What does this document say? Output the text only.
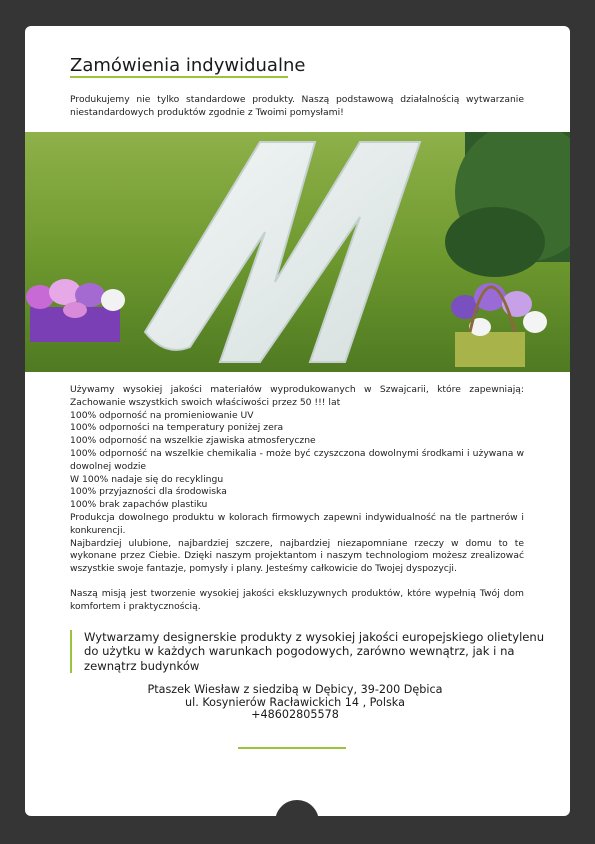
Zamówienia indywidualne

Produkujemy nie tylko standardowe produkty. Naszą podstawową działalnością wytwarzanie niestandardowych produktów zgodnie z Twoimi pomysłami!

Używamy wysokiej jakości materiałów wyprodukowanych w Szwajcarii, które zapewniają: Zachowanie wszystkich swoich właściwości przez 50 !!! lat

100% odporność na promieniowanie UV

100% odporności na temperatury poniżej zera

100% odporność na wszelkie zjawiska atmosferyczne

100% odporność na wszelkie chemikalia - może być czyszczona dowolnymi środkami i używana w dowolnej wodzie

W 100% nadaje się do recyklingu

100% przyjazności dla środowiska

100% brak zapachów plastiku

Produkcja dowolnego produktu w kolorach firmowych zapewni indywidualność na tle partnerów i konkurencji.

Najbardziej ulubione, najbardziej szczere, najbardziej niezapomniane rzeczy w domu to te wykonane przez Ciebie. Dzięki naszym projektantom i naszym technologiom możesz zrealizować wszystkie swoje fantazje, pomysły i plany. Jesteśmy całkowicie do Twojej dyspozycji.

Naszą misją jest tworzenie wysokiej jakości ekskluzywnych produktów, które wypełnią Twój dom komfortem i praktycznością.

Wytwarzamy designerskie produkty z wysokiej jakości europejskiego olietylenu do użytku w każdych warunkach pogodowych, zarówno wewnątrz, jak i na zewnątrz budynków
Ptaszek Wiesław z siedzibą w Dębicy, 39-200 Dębica
ul. Kosynierów Racławickich 14 , Polska
+48602805578
